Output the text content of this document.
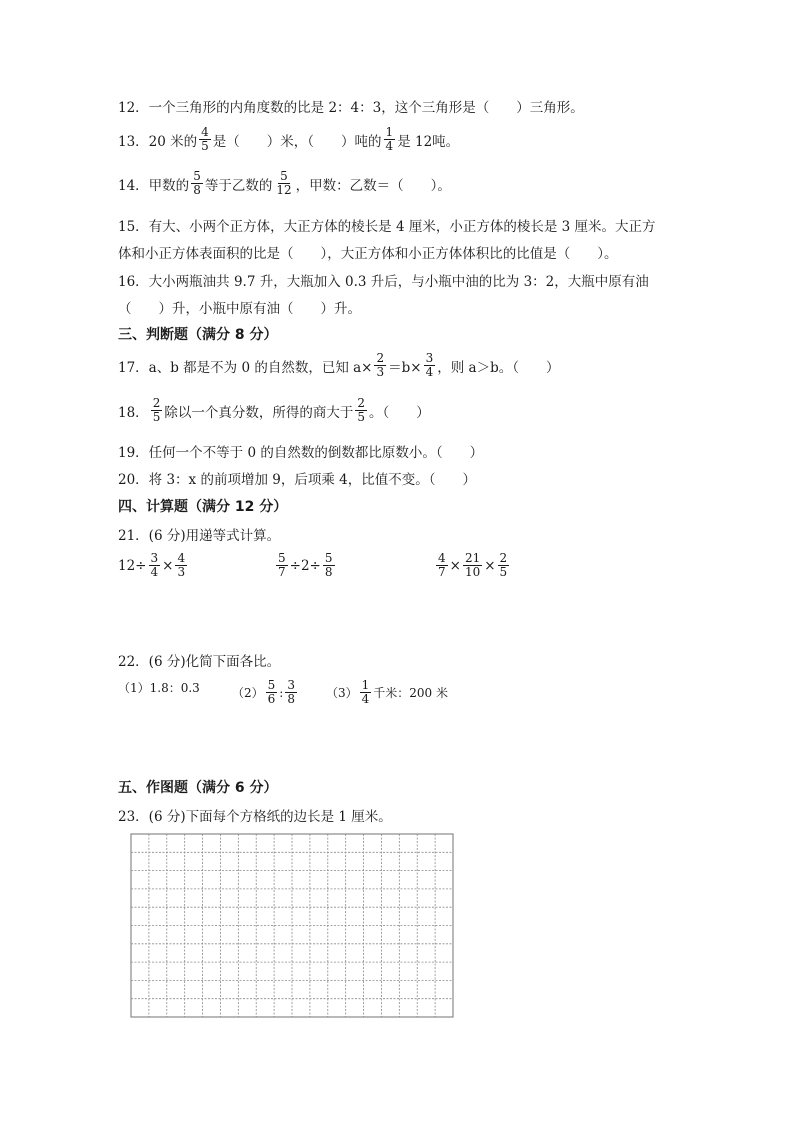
12．一个三角形的内角度数的比是 2：4：3，这个三角形是（　　）三角形。
13．20 米的 $\frac{4}{5}$ 是（　　）米，（　　）吨的 $\frac{1}{4}$ 是 12吨。
14．甲数的 $\frac{5}{8}$ 等于乙数的 $\frac{5}{12}$ ，甲数：乙数＝（　　）。
15．有大、小两个正方体，大正方体的棱长是 4 厘米，小正方体的棱长是 3 厘米。大正方
体和小正方体表面积的比是（　　），大正方体和小正方体体积比的比值是（　　）。
16．大小两瓶油共 9.7 升，大瓶加入 0.3 升后，与小瓶中油的比为 3：2，大瓶中原有油
（　　）升，小瓶中原有油（　　）升。
三、判断题（满分 8 分）
17．a、b 都是不为 0 的自然数，已知 $a\times \frac{2}{3} =b\times \frac{3}{4}$ ，则 a＞b。（　　）
18． $\frac{2}{5}$ 除以一个真分数，所得的商大于 $\frac{2}{5}$ 。（　　）
19．任何一个不等于 0 的自然数的倒数都比原数小。（　　）
20．将 3：x 的前项增加 9，后项乘 4，比值不变。（　　）
四、计算题（满分 12 分）
21．(6 分)用递等式计算。
$12\div \frac{3}{4} \times \frac{4}{3}$	$\frac{5}{7} \div 2\div \frac{5}{8}$	$\frac{4}{7} \times \frac{21}{10} \times \frac{2}{5}$
22．(6 分)化简下面各比。
（1）1.8：0.3	$(2) \frac{5}{6}$ : $\frac{3}{8} (3) \frac{1}{4}$ 千米：200 米
五、作图题（满分 6 分）
23．(6 分)下面每个方格纸的边长是 1 厘米。
